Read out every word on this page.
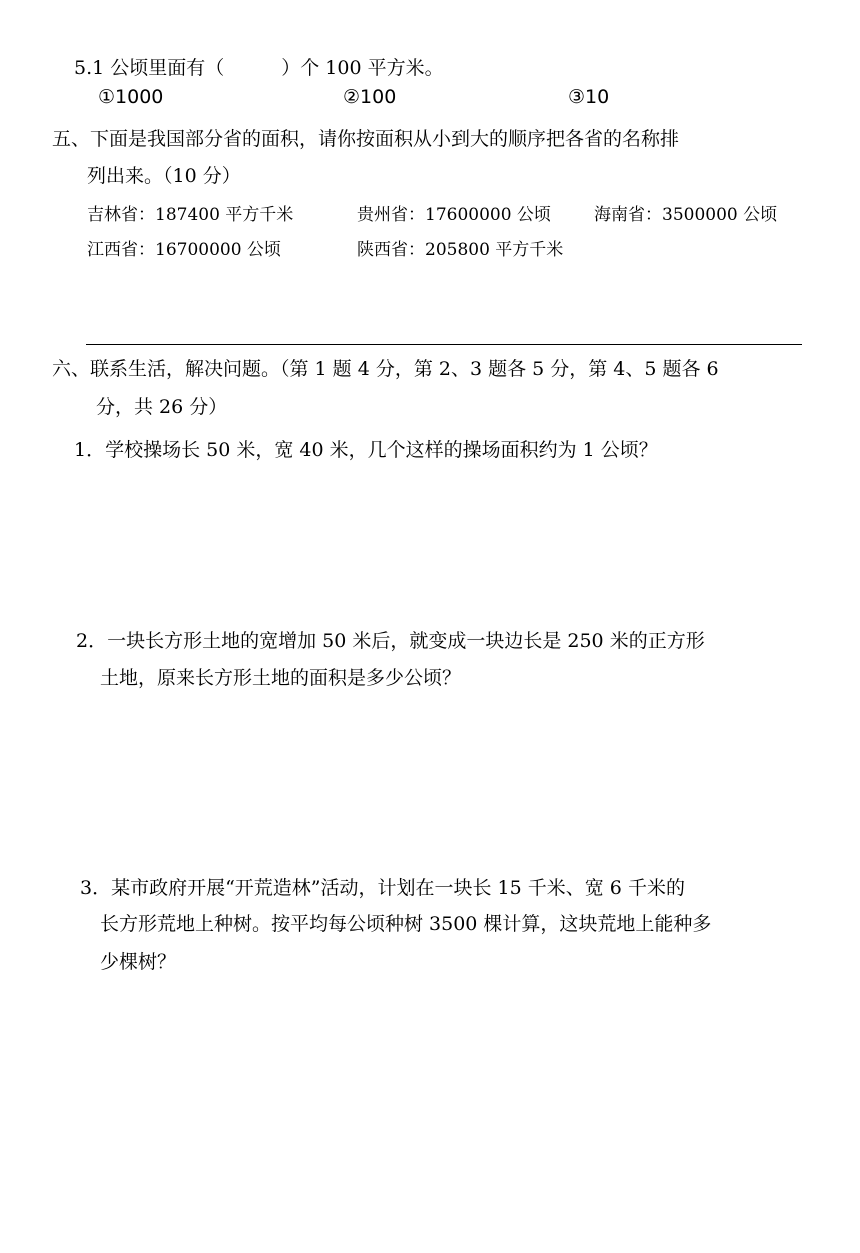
5.1 公顷里面有（　　　）个 100 平方米。
①1000	②100	③10
五、下面是我国部分省的面积，请你按面积从小到大的顺序把各省的名称排
列出来。（10 分）
吉林省：187400 平方千米	贵州省：17600000 公顷	海南省：3500000 公顷
江西省：16700000 公顷	陕西省：205800 平方千米
六、联系生活，解决问题。（第 1 题 4 分，第 2、3 题各 5 分，第 4、5 题各 6
分，共 26 分）
1．学校操场长 50 米，宽 40 米，几个这样的操场面积约为 1 公顷？
2．一块长方形土地的宽增加 50 米后，就变成一块边长是 250 米的正方形
土地，原来长方形土地的面积是多少公顷？
3．某市政府开展“开荒造林”活动，计划在一块长 15 千米、宽 6 千米的
长方形荒地上种树。按平均每公顷种树 3500 棵计算，这块荒地上能种多
少棵树？
